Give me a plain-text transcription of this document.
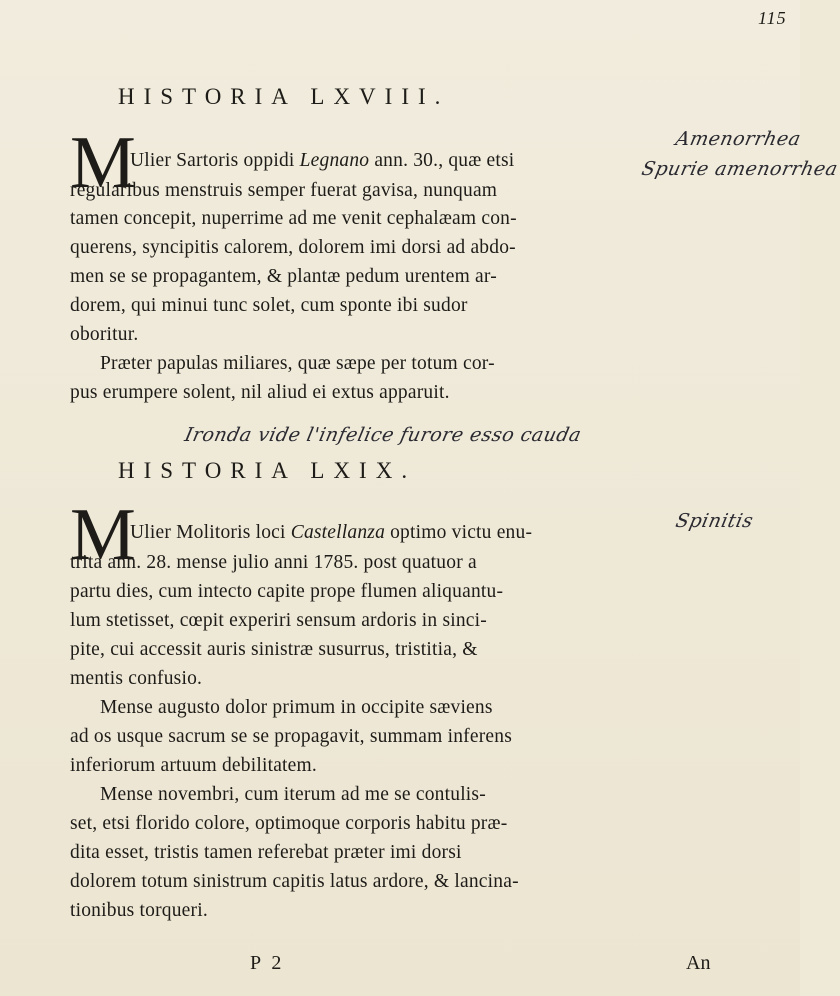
115
HISTORIA LXVIII.
M
Ulier Sartoris oppidi Legnano ann. 30., quæ etsi
regularibus menstruis semper fuerat gavisa, nunquam
tamen concepit, nuperrime ad me venit cephalæam con-
querens, syncipitis calorem, dolorem imi dorsi ad abdo-
men se se propagantem, & plantæ pedum urentem ar-
dorem, qui minui tunc solet, cum sponte ibi sudor
oboritur.
Præter papulas miliares, quæ sæpe per totum cor-
pus erumpere solent, nil aliud ei extus apparuit.
Amenorrhea
Spurie amenorrhea
Ironda vide l'infelice furore esso cauda
HISTORIA LXIX.
M	Spinitis
Ulier Molitoris loci Castellanza optimo victu enu-
trita ann. 28. mense julio anni 1785. post quatuor a
partu dies, cum intecto capite prope flumen aliquantu-
lum stetisset, cœpit experiri sensum ardoris in sinci-
pite, cui accessit auris sinistræ susurrus, tristitia, &
mentis confusio.
Mense augusto dolor primum in occipite sæviens
ad os usque sacrum se se propagavit, summam inferens
inferiorum artuum debilitatem.
Mense novembri, cum iterum ad me se contulis-
set, etsi florido colore, optimoque corporis habitu præ-
dita esset, tristis tamen referebat præter imi dorsi
dolorem totum sinistrum capitis latus ardore, & lancina-
tionibus torqueri.
P 2	An
